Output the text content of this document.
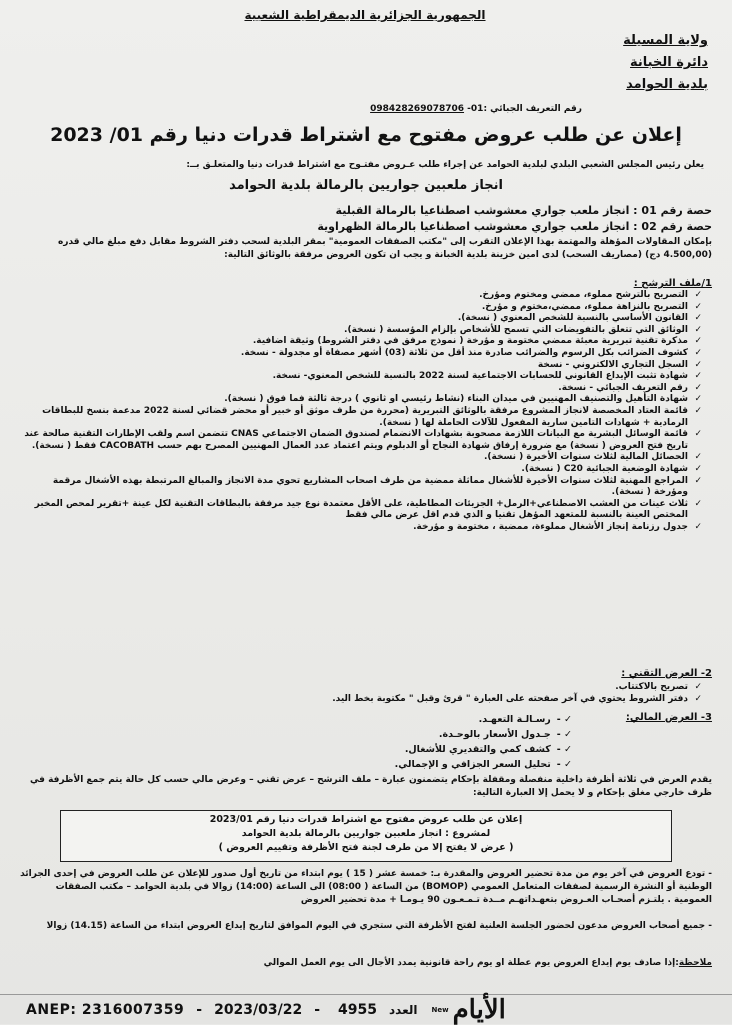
الجمهورية الجزائرية الديمقراطية الشعبية
ولاية المسيلة
دائرة الخبانة
بلدية الحوامد
رقم التعريف الجبائي :01- 098428269078706
إعلان عن طلب عروض مفتوح مع اشتراط قدرات دنيا رقم 01/ 2023
يعلن رئيس المجلس الشعبي البلدي لبلدية الحوامد عن إجراء طلب عـروض مفتـوح مع اشتراط قدرات دنيا والمتعلـق بــ:
انجاز ملعبين جواريين بالرمالة بلدية الحوامد
حصة رقم 01 : انجاز ملعب جواري معشوشب اصطناعيا بالرمالة القبلية
حصة رقم 02 : انجاز ملعب جواري معشوشب اصطناعيا بالرمالة الظهراوية
بإمكان المقاولات المؤهلة والمهتمة بهذا الإعلان التقرب إلى "مكتب الصفقات العمومية" بمقر البلدية لسحب دفتر الشروط مقابل دفع مبلغ مالي قدره (4.500,00 دج) (مصاريف السحب) لدى امين خزينة بلدية الخبانة و يجب ان تكون العروض مرفقة بالوثائق التالية:
1/ملف الترشح :
✓
التصريح بالترشح مملوء، ممضي ومختوم ومؤرخ.
✓
التصريح بالنزاهة مملوء، ممضي،مختوم و مؤرخ.
✓
القانون الأساسي بالنسبة للشخص المعنوي ( نسخة).
✓
الوثائق التي تتعلق بالتفويضات التي تسمح للأشخاص بإلزام المؤسسة ( نسخة).
✓
مذكرة تقنية تبريرية معبئة ممضي مختومة و مؤرخة ( نموذج مرفق في دفتر الشروط) وثيقة اضافية.
✓
كشوف الضرائب بكل الرسوم والضرائب صادرة منذ أقل من ثلاثة (03) أشهر مصفاة أو مجدولة - نسخة.
✓
السجل التجاري الالكتروني - نسخة
✓
شهادة تثبت الإيداع القانوني للحسابات الاجتماعية لسنة 2022 بالنسبة للشخص المعنوي- نسخة.
✓
رقم التعريف الجبائي - نسخة.
✓
شهادة التأهيل والتصنيف المهنيين في ميدان البناء (نشاط رئيسي او ثانوي ) درجة ثالثة فما فوق ( نسخة).
✓
قائمة العتاد المخصصة لانجاز المشروع مرفقة بالوثائق التبريرية (محررة من طرف موثق أو خبير أو محضر قضائي لسنة 2022 مدعمة بنسخ للبطاقات الرمادية + شهادات التامين سارية المفعول للآلات الحاملة لها ( نسخة).
✓
قائمة الوسائل البشرية مع البيانات اللازمة مصحوبة بشهادات الانضمام لصندوق الضمان الاجتماعي CNAS تتضمن اسم ولقب الإطارات التقنية صالحة عند تاريخ فتح العروض ( نسخة) مع ضرورة إرفاق شهادة النجاح أو الدبلوم ويتم اعتماد عدد العمال المهنيين المصرح بهم حسب CACOBATH فقط ( نسخة).
✓
الحصائل المالية لثلاث سنوات الأخيرة ( نسخة).
✓
شهادة الوضعية الجبائية C20 ( نسخة).
✓
المراجع المهنية لثلاث سنوات الأخيرة للأشغال مماثلة ممضية من طرف اصحاب المشاريع تحوي مدة الانجاز والمبالغ المرتبطة بهذه الأشغال مرقمة ومؤرخة ( نسخة).
✓
ثلاث عينات من العشب الاصطناعي+الرمل+ الجزيئات المطاطية، على الأقل معتمدة نوع جيد مرفقة بالبطاقات التقنية لكل عينة +تقرير لمحص المخبر المختص العينة بالنسبة للمتعهد المؤهل تقنيا و الذي قدم اقل عرض مالي فقط
✓
جدول رزنامة إنجاز الأشغال مملوءة، ممضية ، مختومة و مؤرخة.
2- العرض التقني :
✓
تصريح بالاكتتاب.
✓
دفتر الشروط يحتوي في آخر صفحته على العبارة " قرئ وقبل " مكتوبة بخط اليد.
3- العرض المالي:
✓ -رسـالـة التعهـد.
✓ -جـدول الأسعار بالوحـدة.
✓ -كشف كمي والتقديري للأشغال.
✓ -تحليل السعر الجزافي و الإجمالي.
يقدم العرض في ثلاثة أظرفة داخلية منفصلة ومقفلة بإحكام يتضمنون عبارة – ملف الترشح – عرض تقني – وعرض مالي حسب كل حالة يتم جمع الأظرفة في ظرف خارجي مغلق بإحكام و لا يحمل إلا العبارة التالية:
إعلان عن طلب عروض مفتوح مع اشتراط قدرات دنيا رقم 2023/01
لمشروع : انجاز ملعبين جواريين بالرمالة بلدية الحوامد
( عرض لا يفتح إلا من طرف لجنة فتح الأظرفة وتقييم العروض )
- تودع العروض في آخر يوم من مدة تحضير العروض والمقدرة بـ: خمسة عشر ( 15 ) يوم ابتداء من تاريخ أول صدور للإعلان عن طلب العروض في إحدى الجرائد الوطنية أو النشرة الرسمية لصفقات المتعامل العمومي (BOMOP) من الساعة ( 08:00) الى الساعة (14:00) زوالا في بلدية الحوامد – مكتب الصفقات العمومية . يلتـزم أصحـاب العـروض بتعهـداتهـم مــدة تـمـعـون 90 يـومـا + مدة تحضير العروض
- جميع أصحاب العروض مدعون لحضور الجلسة العلنية لفتح الأظرفة التي ستجري في اليوم الموافق لتاريخ إيداع العروض ابتداء من الساعة (14.15) زوالا
ملاحظة:إذا صادف يوم إيداع العروض يوم عطلة او يوم راحة قانونية يمدد الأجال الى يوم العمل الموالي
ANEP: 2316007359 - 2023/03/22 - 4955 العدد New الأيام
